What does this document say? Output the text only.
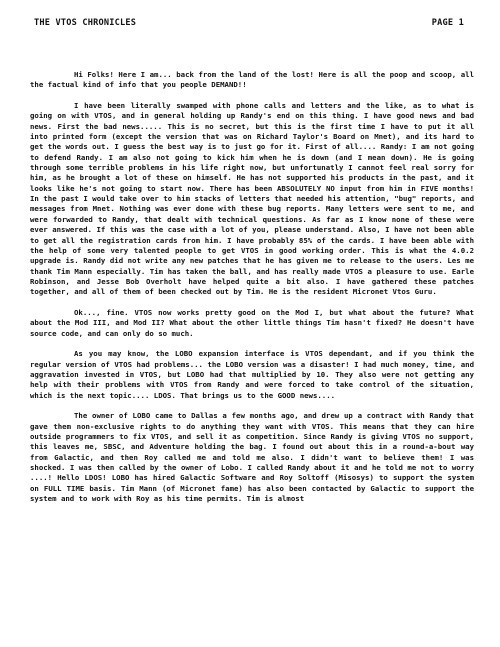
THE VTOS CHRONICLES	PAGE 1

Hi Folks! Here I am... back from the land of the lost! Here is all the poop and scoop, all the factual kind of info that you people DEMAND!!

I have been literally swamped with phone calls and letters and the like, as to what is going on with VTOS, and in general holding up Randy's end on this thing. I have good news and bad news. First the bad news..... This is no secret, but this is the first time I have to put it all into printed form (except the version that was on Richard Taylor's Board on Mnet), and its hard to get the words out. I guess the best way is to just go for it. First of all.... Randy: I am not going to defend Randy. I am also not going to kick him when he is down (and I mean down). He is going through some terrible problems in his life right now, but unfortunatly I cannot feel real sorry for him, as he brought a lot of these on himself. He has not supported his products in the past, and it looks like he's not going to start now. There has been ABSOLUTELY NO input from him in FIVE months! In the past I would take over to him stacks of letters that needed his attention, "bug" reports, and messages from Mnet. Nothing was ever done with these bug reports. Many letters were sent to me, and were forwarded to Randy, that dealt with technical questions. As far as I know none of these were ever answered. If this was the case with a lot of you, please understand. Also, I have not been able to get all the registration cards from him. I have probably 85% of the cards. I have been able with the help of some very talented people to get VTOS in good working order. This is what the 4.0.2 upgrade is. Randy did not write any new patches that he has given me to release to the users. Les me thank Tim Mann especially. Tim has taken the ball, and has really made VTOS a pleasure to use. Earle Robinson, and Jesse Bob Overholt have helped quite a bit also. I have gathered these patches together, and all of them of been checked out by Tim. He is the resident Micronet Vtos Guru.

Ok..., fine. VTOS now works pretty good on the Mod I, but what about the future? What about the Mod III, and Mod II? What about the other little things Tim hasn't fixed? He doesn't have source code, and can only do so much.

As you may know, the LOBO expansion interface is VTOS dependant, and if you think the regular version of VTOS had problems... the LOBO version was a disaster! I had much money, time, and aggravation invested in VTOS, but LOBO had that multiplied by 10. They also were not getting any help with their problems with VTOS from Randy and were forced to take control of the situation, which is the next topic.... LDOS. That brings us to the GOOD news....

The owner of LOBO came to Dallas a few months ago, and drew up a contract with Randy that gave them non-exclusive rights to do anything they want with VTOS. This means that they can hire outside programmers to fix VTOS, and sell it as competition. Since Randy is giving VTOS no support, this leaves me, SBSC, and Adventure holding the bag. I found out about this in a round-a-bout way from Galactic, and then Roy called me and told me also. I didn't want to believe them! I was shocked. I was then called by the owner of Lobo. I called Randy about it and he told me not to worry ....! Hello LDOS! LOBO has hired Galactic Software and Roy Soltoff (Misosys) to support the system on FULL TIME basis. Tim Mann (of Micronet fame) has also been contacted by Galactic to support the system and to work with Roy as his time permits. Tim is almost
